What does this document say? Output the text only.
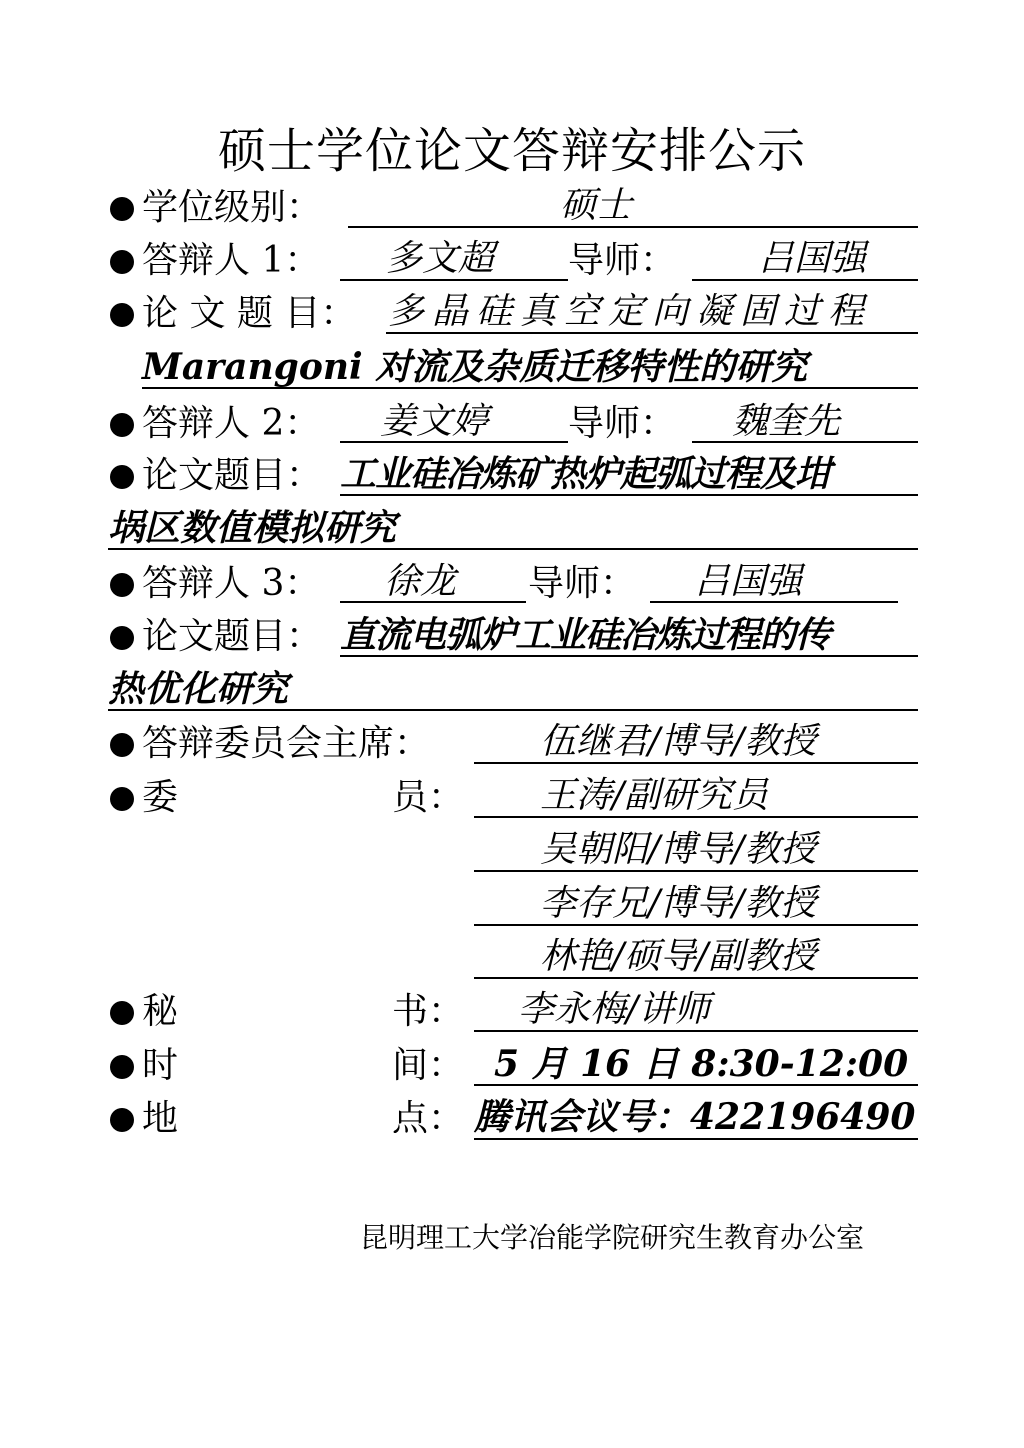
硕士学位论文答辩安排公示
学位级别：	硕士
答辩人 1： 多文超 导师： 吕国强
论 文 题 目： 多晶硅真空定向凝固过程
Marangoni 对流及杂质迁移特性的研究
答辩人 2： 姜文婷 导师： 魏奎先
论文题目： 工业硅冶炼矿热炉起弧过程及坩
埚区数值模拟研究
答辩人 3： 徐龙 导师： 吕国强
论文题目： 直流电弧炉工业硅冶炼过程的传
热优化研究
答辩委员会主席：	伍继君/博导/教授
委	员： 王涛/副研究员
吴朝阳/博导/教授
李存兄/博导/教授
林艳/硕导/副教授
秘	书： 李永梅/讲师
时	间： 5 月 16 日 8:30-12:00
地	点： 腾讯会议号：422196490
昆明理工大学冶能学院研究生教育办公室
